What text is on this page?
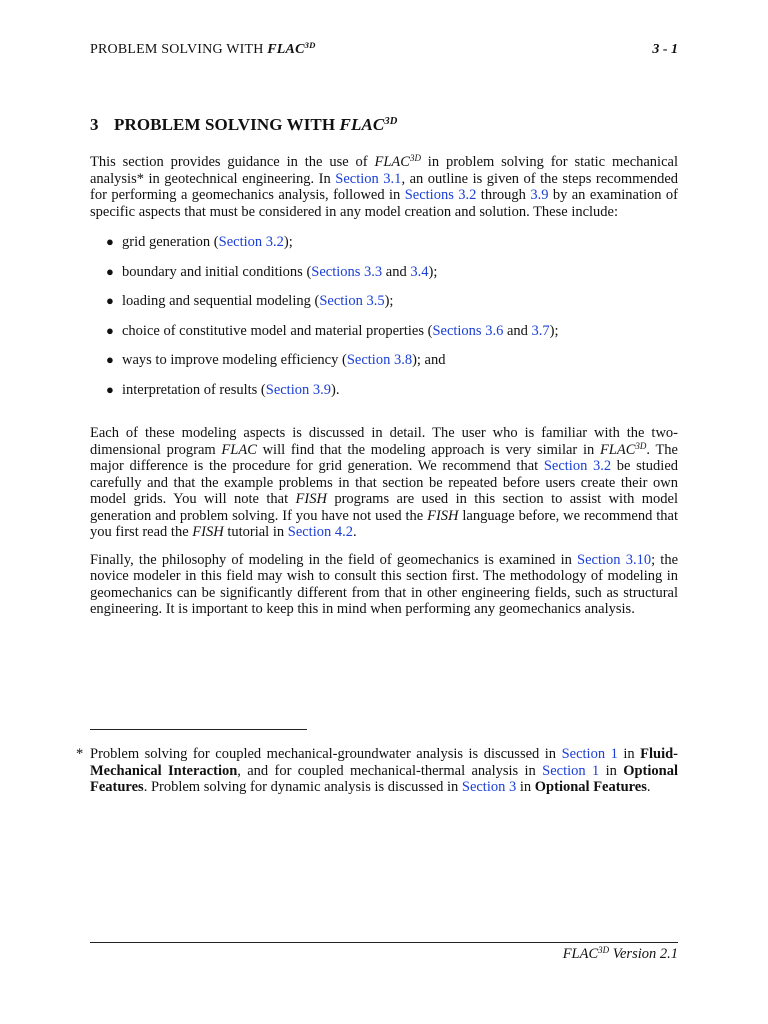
PROBLEM SOLVING WITH $FLAC^{3D}$	3 - 1
3 PROBLEM SOLVING WITH $FLAC^{3D}$

This section provides guidance in the use of $FLAC^{3D}$ in problem solving for static mechanical analysis* in geotechnical engineering. In Section 3.1, an outline is given of the steps recommended for performing a geomechanics analysis, followed in Sections 3.2 through 3.9 by an examination of specific aspects that must be considered in any model creation and solution. These include:

● grid generation (Section 3.2);
● boundary and initial conditions (Sections 3.3 and 3.4);
● loading and sequential modeling (Section 3.5);
● choice of constitutive model and material properties (Sections 3.6 and 3.7);
● ways to improve modeling efficiency (Section 3.8); and
● interpretation of results (Section 3.9).

Each of these modeling aspects is discussed in detail. The user who is familiar with the two-dimensional program FLAC will find that the modeling approach is very similar in $FLAC^{3D}$. The major difference is the procedure for grid generation. We recommend that Section 3.2 be studied carefully and that the example problems in that section be repeated before users create their own model grids. You will note that FISH programs are used in this section to assist with model generation and problem solving. If you have not used the FISH language before, we recommend that you first read the FISH tutorial in Section 4.2.

Finally, the philosophy of modeling in the field of geomechanics is examined in Section 3.10; the novice modeler in this field may wish to consult this section first. The methodology of modeling in geomechanics can be significantly different from that in other engineering fields, such as structural engineering. It is important to keep this in mind when performing any geomechanics analysis.

* Problem solving for coupled mechanical-groundwater analysis is discussed in Section 1 in Fluid-Mechanical Interaction, and for coupled mechanical-thermal analysis in Section 1 in Optional Features. Problem solving for dynamic analysis is discussed in Section 3 in Optional Features.
$FLAC^{3D}$ Version 2.1
